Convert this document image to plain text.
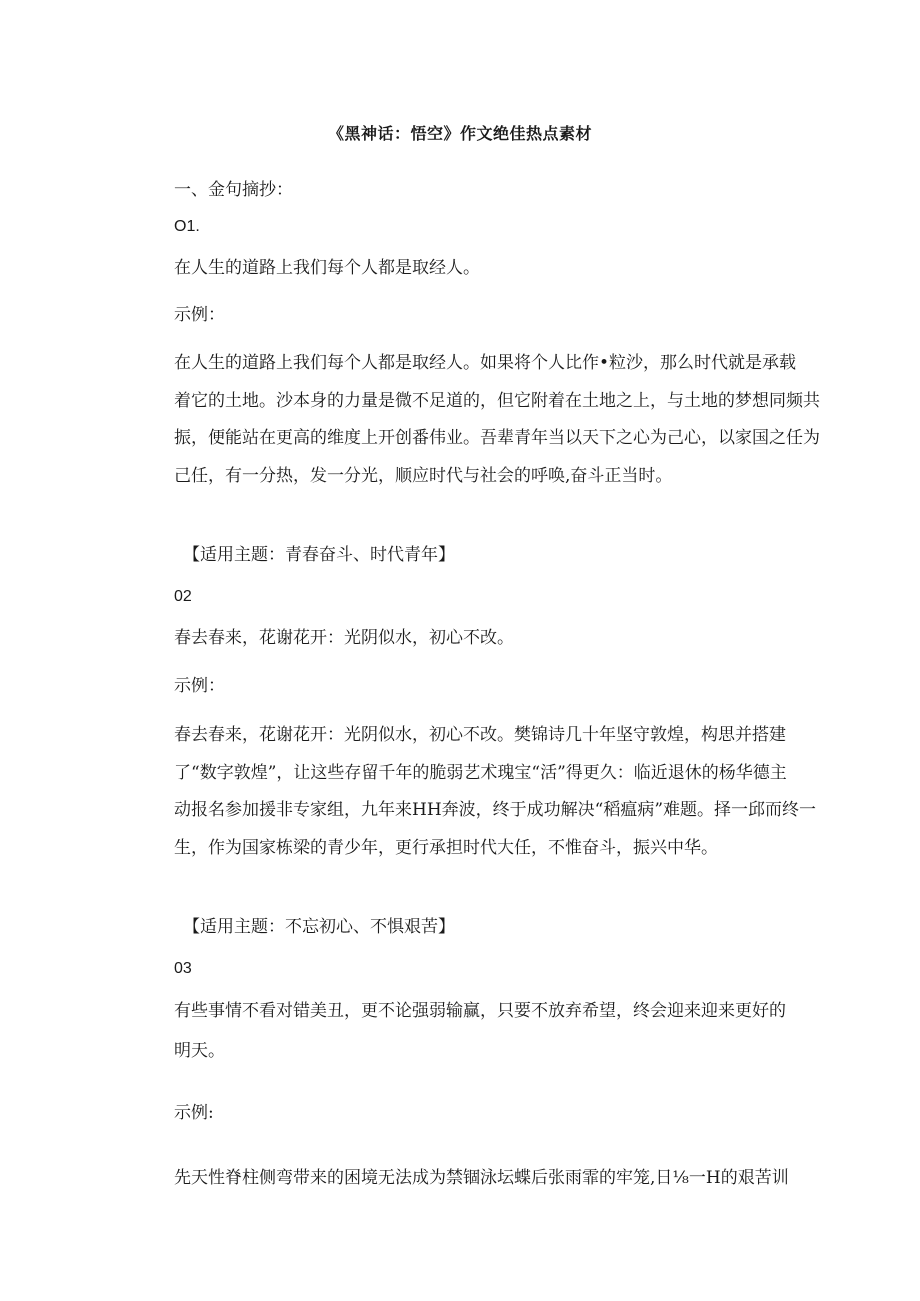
《黑神话：悟空》作文绝佳热点素材

一、金句摘抄：

O1.

在人生的道路上我们每个人都是取经人。

示例：

在人生的道路上我们每个人都是取经人。如果将个人比作•粒沙，那么时代就是承载
着它的土地。沙本身的力量是微不足道的，但它附着在土地之上，与土地的梦想同频共
振，便能站在更高的维度上开创番伟业。吾辈青年当以天下之心为己心，以家国之任为
己任，有一分热，发一分光，顺应时代与社会的呼唤,奋斗正当时。

【适用主题：青春奋斗、时代青年】

02

春去春来，花谢花开：光阴似水，初心不改。

示例：

春去春来，花谢花开：光阴似水，初心不改。樊锦诗几十年坚守敦煌，构思并搭建
了“数字敦煌”，让这些存留千年的脆弱艺术瑰宝“活”得更久：临近退休的杨华德主
动报名参加援非专家组，九年来HH奔波，终于成功解决“稻瘟病”难题。择一邱而终一
生，作为国家栋梁的青少年，更行承担时代大任，不惟奋斗，振兴中华。

【适用主题：不忘初心、不惧艰苦】

03

有些事情不看对错美丑，更不论强弱输赢，只要不放弃希望，终会迎来迎来更好的
明天。

示例:

先天性脊柱侧弯带来的困境无法成为禁锢泳坛蝶后张雨霏的牢笼,日⅛一H的艰苦训
